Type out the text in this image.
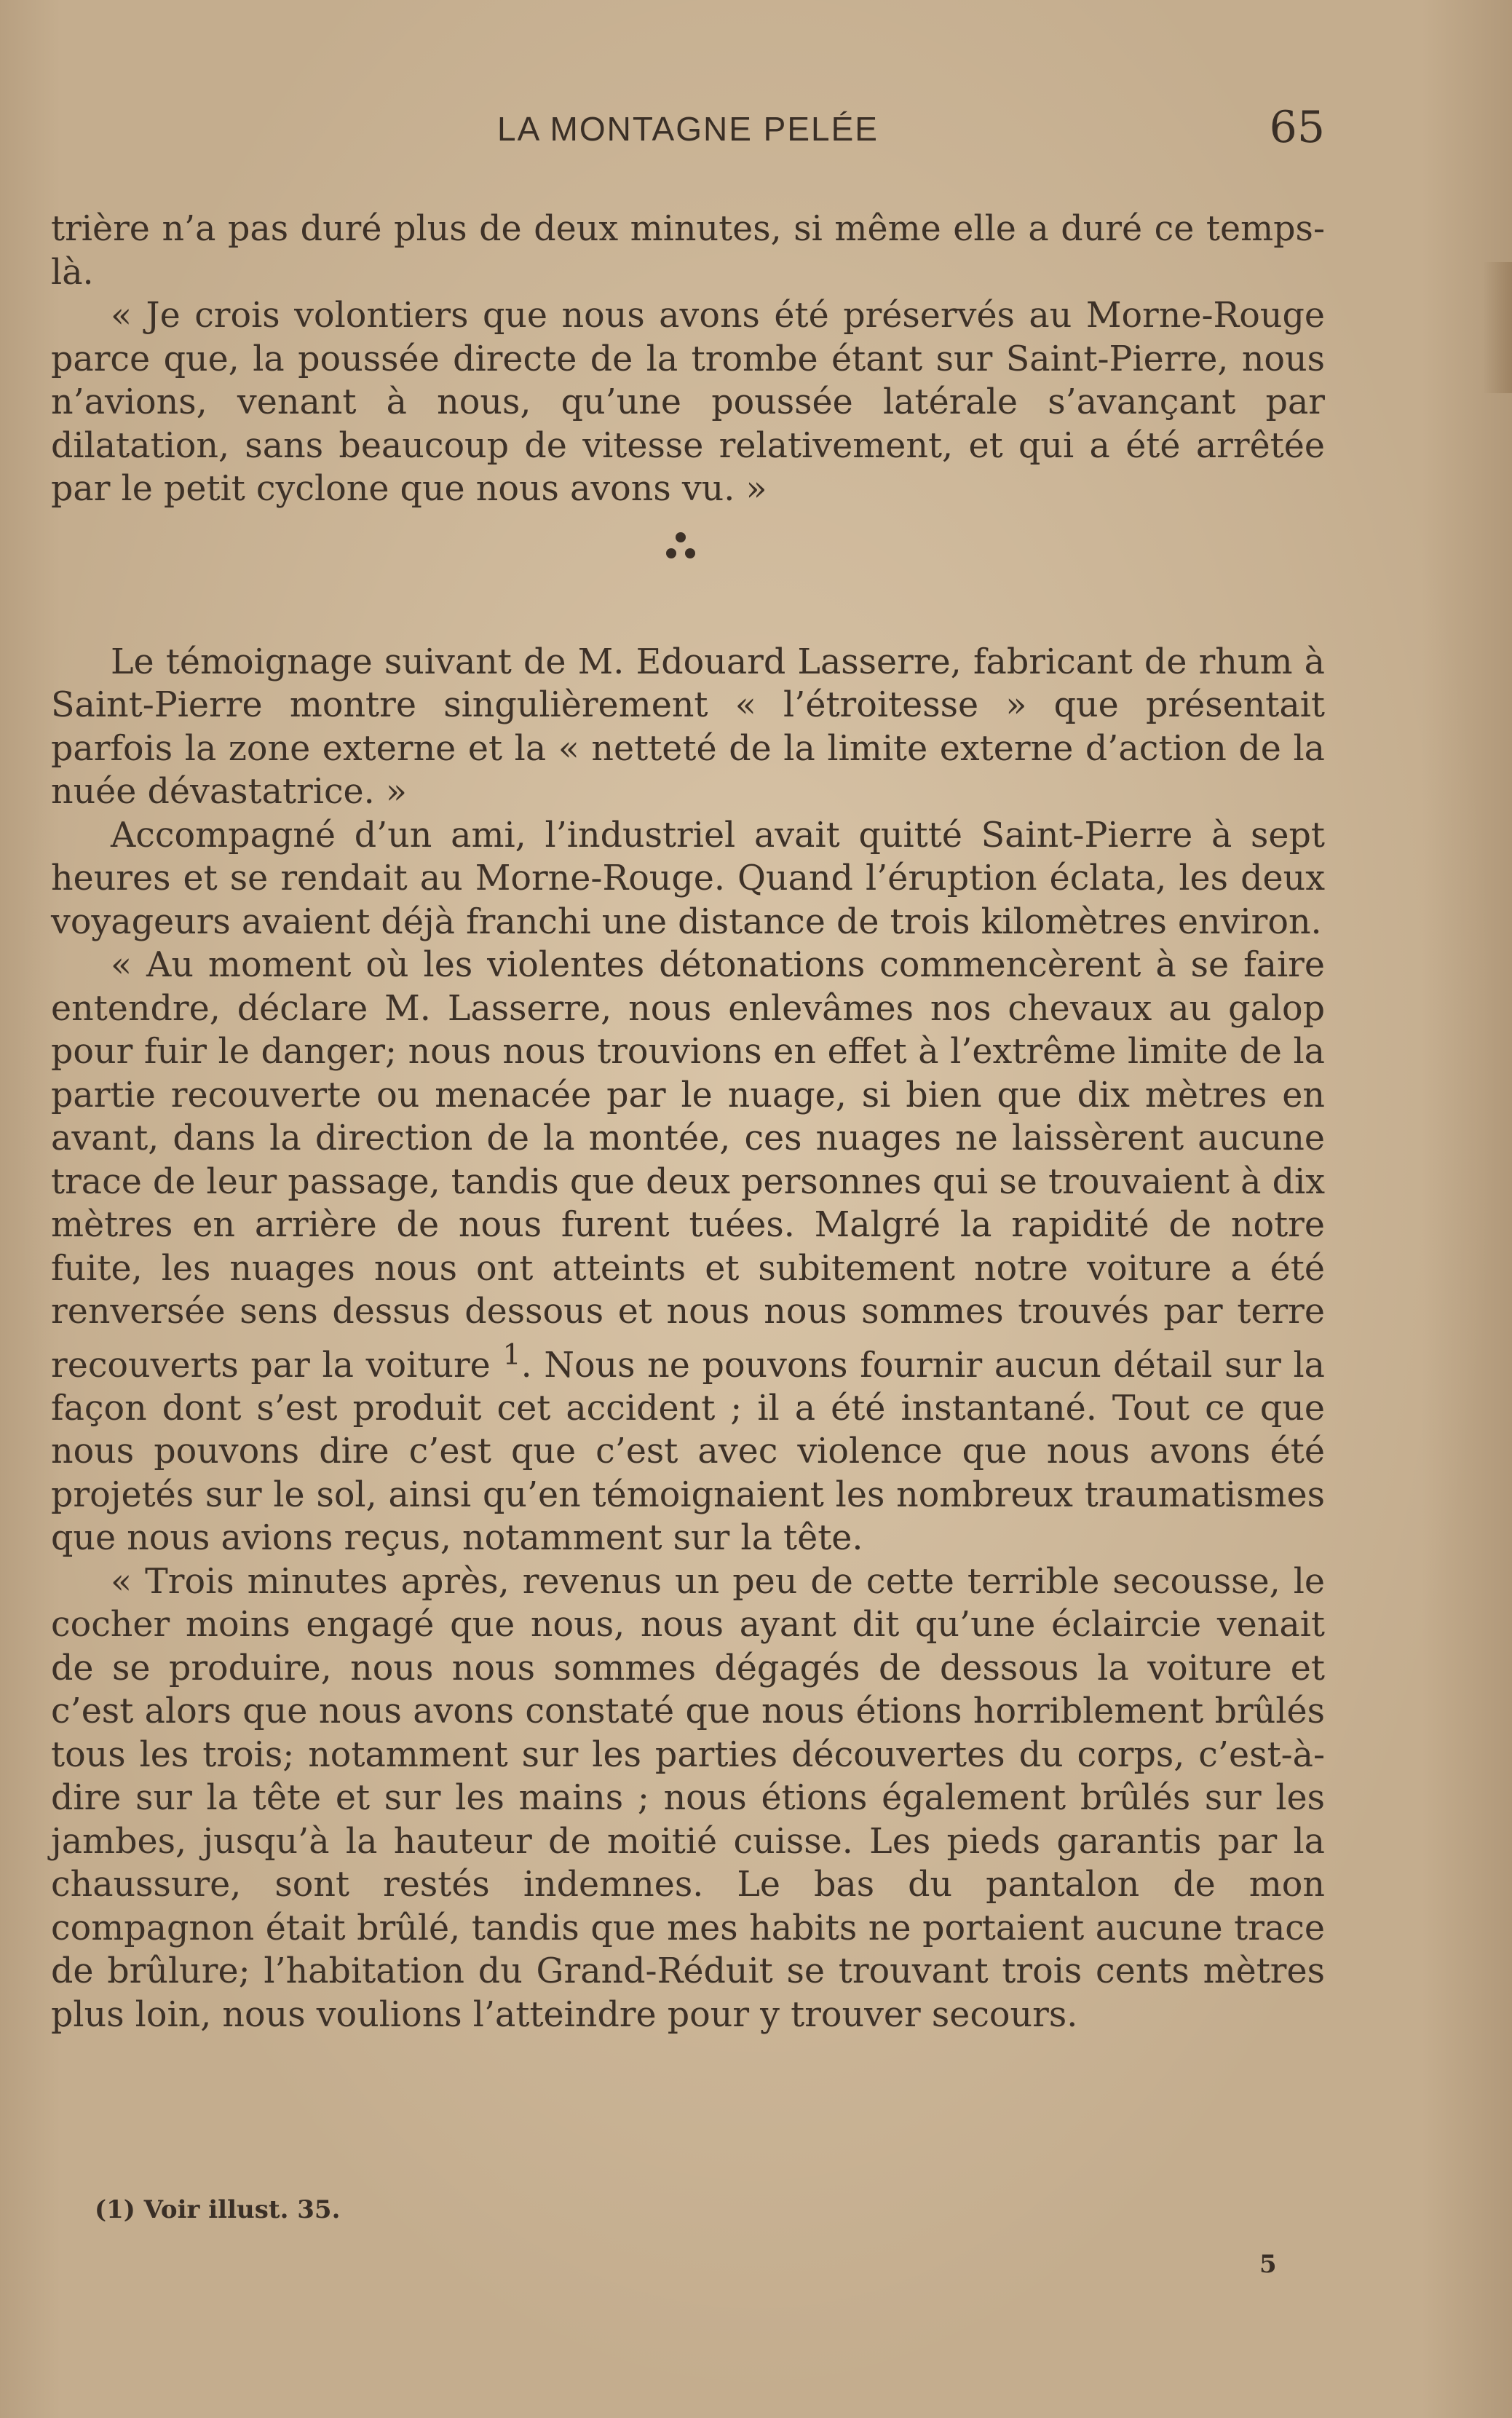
LA MONTAGNE PELÉE	65

trière n’a pas duré plus de deux minutes, si même elle a duré ce temps-là.

« Je crois volontiers que nous avons été préservés au Morne-Rouge parce que, la poussée directe de la trombe étant sur Saint-Pierre, nous n’avions, venant à nous, qu’une poussée latérale s’avançant par dilatation, sans beaucoup de vitesse relativement, et qui a été arrêtée par le petit cyclone que nous avons vu. »

Le témoignage suivant de M. Edouard Lasserre, fabricant de rhum à Saint-Pierre montre singulièrement « l’étroitesse » que présentait parfois la zone externe et la « netteté de la limite externe d’action de la nuée dévastatrice. »

Accompagné d’un ami, l’industriel avait quitté Saint-Pierre à sept heures et se rendait au Morne-Rouge. Quand l’éruption éclata, les deux voyageurs avaient déjà franchi une distance de trois kilomètres environ.

« Au moment où les violentes détonations commencèrent à se faire entendre, déclare M. Lasserre, nous enlevâmes nos chevaux au galop pour fuir le danger; nous nous trouvions en effet à l’extrême limite de la partie recouverte ou menacée par le nuage, si bien que dix mètres en avant, dans la direction de la montée, ces nuages ne laissèrent aucune trace de leur passage, tandis que deux personnes qui se trouvaient à dix mètres en arrière de nous furent tuées. Malgré la rapidité de notre fuite, les nuages nous ont atteints et subitement notre voiture a été renversée sens dessus dessous et nous nous sommes trouvés par terre recouverts par la voiture $^1$. Nous ne pouvons fournir aucun détail sur la façon dont s’est produit cet accident ; il a été instantané. Tout ce que nous pouvons dire c’est que c’est avec violence que nous avons été projetés sur le sol, ainsi qu’en témoignaient les nombreux traumatismes que nous avions reçus, notamment sur la tête.

« Trois minutes après, revenus un peu de cette terrible secousse, le cocher moins engagé que nous, nous ayant dit qu’une éclaircie venait de se produire, nous nous sommes dégagés de dessous la voiture et c’est alors que nous avons constaté que nous étions horriblement brûlés tous les trois; notamment sur les parties découvertes du corps, c’est-à-dire sur la tête et sur les mains ; nous étions également brûlés sur les jambes, jusqu’à la hauteur de moitié cuisse. Les pieds garantis par la chaussure, sont restés indemnes. Le bas du pantalon de mon compagnon était brûlé, tandis que mes habits ne portaient aucune trace de brûlure; l’habitation du Grand-Réduit se trouvant trois cents mètres plus loin, nous voulions l’atteindre pour y trouver secours.

(1) Voir illust. 35.
5
